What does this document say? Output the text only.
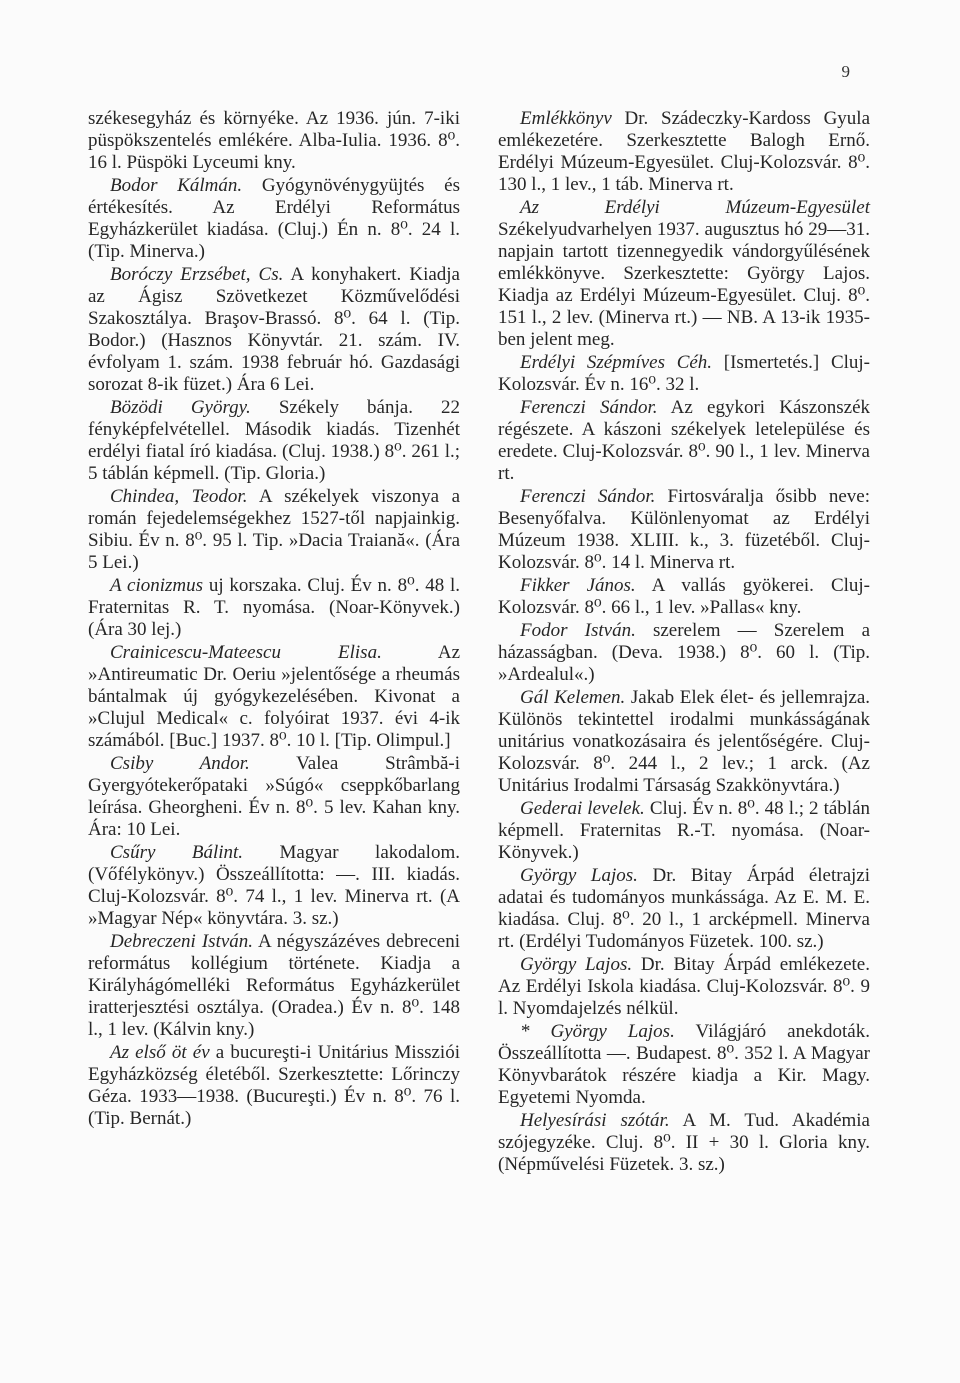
9

székesegyház és környéke. Az 1936. jún. 7-iki püspökszentelés emlékére. Alba-Iulia. 1936. 8⁰. 16 l. Püspöki Lyceumi kny.

Bodor Kálmán. Gyógynövénygyüjtés és értékesítés. Az Erdélyi Református Egyházkerület kiadása. (Cluj.) Én n. 8⁰. 24 l. (Tip. Minerva.)

Boróczy Erzsébet, Cs. A konyhakert. Kiadja az Ágisz Szövetkezet Közművelődési Szakosztálya. Braşov-Brassó. 8⁰. 64 l. (Tip. Bodor.) (Hasznos Könyvtár. 21. szám. IV. évfolyam 1. szám. 1938 február hó. Gazdasági sorozat 8-ik füzet.) Ára 6 Lei.

Bözödi György. Székely bánja. 22 fényképfelvétellel. Második kiadás. Tizenhét erdélyi fiatal író kiadása. (Cluj. 1938.) 8⁰. 261 l.; 5 táblán képmell. (Tip. Gloria.)

Chindea, Teodor. A székelyek viszonya a román fejedelemségekhez 1527-től napjainkig. Sibiu. Év n. 8⁰. 95 l. Tip. »Dacia Traiană«. (Ára 5 Lei.)

A cionizmus uj korszaka. Cluj. Év n. 8⁰. 48 l. Fraternitas R. T. nyomása. (Noar-Könyvek.) (Ára 30 lej.)

Crainicescu-Mateescu Elisa.	Az »Antireumatic Dr. Oeriu »jelentősége a rheumás bántalmak új gyógykezelésében. Kivonat a »Clujul Medical« c. folyóirat 1937. évi 4-ik számából. [Buc.] 1937. 8⁰. 10 l. [Tip. Olimpul.]

Csiby Andor. Valea Strâmbă-i Gyergyótekerőpataki »Súgó« cseppkőbarlang leírása. Gheorgheni. Év n. 8⁰. 5 lev. Kahan kny. Ára: 10 Lei.

Csűry Bálint. Magyar lakodalom. (Vőfélykönyv.) Összeállította: —. III. kiadás. Cluj-Kolozsvár. 8⁰. 74 l., 1 lev. Minerva rt. (A »Magyar Nép« könyvtára. 3. sz.)

Debreczeni István. A négyszázéves debreceni református kollégium története. Kiadja a Királyhágómelléki Református Egyházkerület iratterjesztési osztálya. (Oradea.) Év n. 8⁰. 148 l., 1 lev. (Kálvin kny.)

Az első öt év a bucureşti-i Unitárius Missziói Egyházközség életéből. Szerkesztette: Lőrinczy Géza. 1933—1938. (Bucureşti.) Év n. 8⁰. 76 l. (Tip. Bernát.)

Emlékkönyv Dr. Szádeczky-Kardoss Gyula emlékezetére. Szerkesztette Balogh Ernő. Erdélyi Múzeum-Egyesület. Cluj-Kolozsvár. 8⁰. 130 l., 1 lev., 1 táb. Minerva rt.

Az Erdélyi Múzeum-Egyesület Székelyudvarhelyen 1937. augusztus hó 29—31. napjain tartott tizennegyedik vándorgyűlésének emlékkönyve. Szerkesztette: György Lajos. Kiadja az Erdélyi Múzeum-Egyesület. Cluj. 8⁰. 151 l., 2 lev. (Minerva rt.) — NB. A 13-ik 1935-ben jelent meg.

Erdélyi Szépmíves Céh. [Ismertetés.] Cluj-Kolozsvár. Év n. 16⁰. 32 l.

Ferenczi Sándor. Az egykori Kászonszék régészete. A kászoni székelyek letelepülése és eredete. Cluj-Kolozsvár. 8⁰. 90 l., 1 lev. Minerva rt.

Ferenczi Sándor. Firtosváralja ősibb neve: Besenyőfalva. Különlenyomat az Erdélyi Múzeum 1938. XLIII. k., 3. füzetéből. Cluj-Kolozsvár. 8⁰. 14 l. Minerva rt.

Fikker János. A vallás gyökerei. Cluj-Kolozsvár. 8⁰. 66 l., 1 lev. »Pallas« kny.

Fodor István. szerelem — Szerelem a házasságban. (Deva. 1938.) 8⁰. 60 l. (Tip. »Ardealul«.)

Gál Kelemen. Jakab Elek élet- és jellemrajza. Különös tekintettel irodalmi munkásságának unitárius vonatkozásaira és jelentőségére. Cluj-Kolozsvár. 8⁰. 244 l., 2 lev.; 1 arck. (Az Unitárius Irodalmi Társaság Szakkönyvtára.)

Gederai levelek. Cluj. Év n. 8⁰. 48 l.; 2 táblán képmell. Fraternitas R.-T. nyomása. (Noar-Könyvek.)

György Lajos. Dr. Bitay Árpád életrajzi adatai és tudományos munkássága. Az E. M. E. kiadása. Cluj. 8⁰. 20 l., 1 arcképmell. Minerva rt. (Erdélyi Tudományos Füzetek. 100. sz.)

György Lajos. Dr. Bitay Árpád emlékezete. Az Erdélyi Iskola kiadása. Cluj-Kolozsvár. 8⁰. 9 l. Nyomdajelzés nélkül.

* György Lajos. Világjáró anekdoták. Összeállította —. Budapest. 8⁰. 352 l. A Magyar Könyvbarátok részére kiadja a Kir. Magy. Egyetemi Nyomda.

Helyesírási szótár. A M. Tud. Akadémia szójegyzéke. Cluj. 8⁰. II + 30 l. Gloria kny. (Népművelési Füzetek. 3. sz.)
